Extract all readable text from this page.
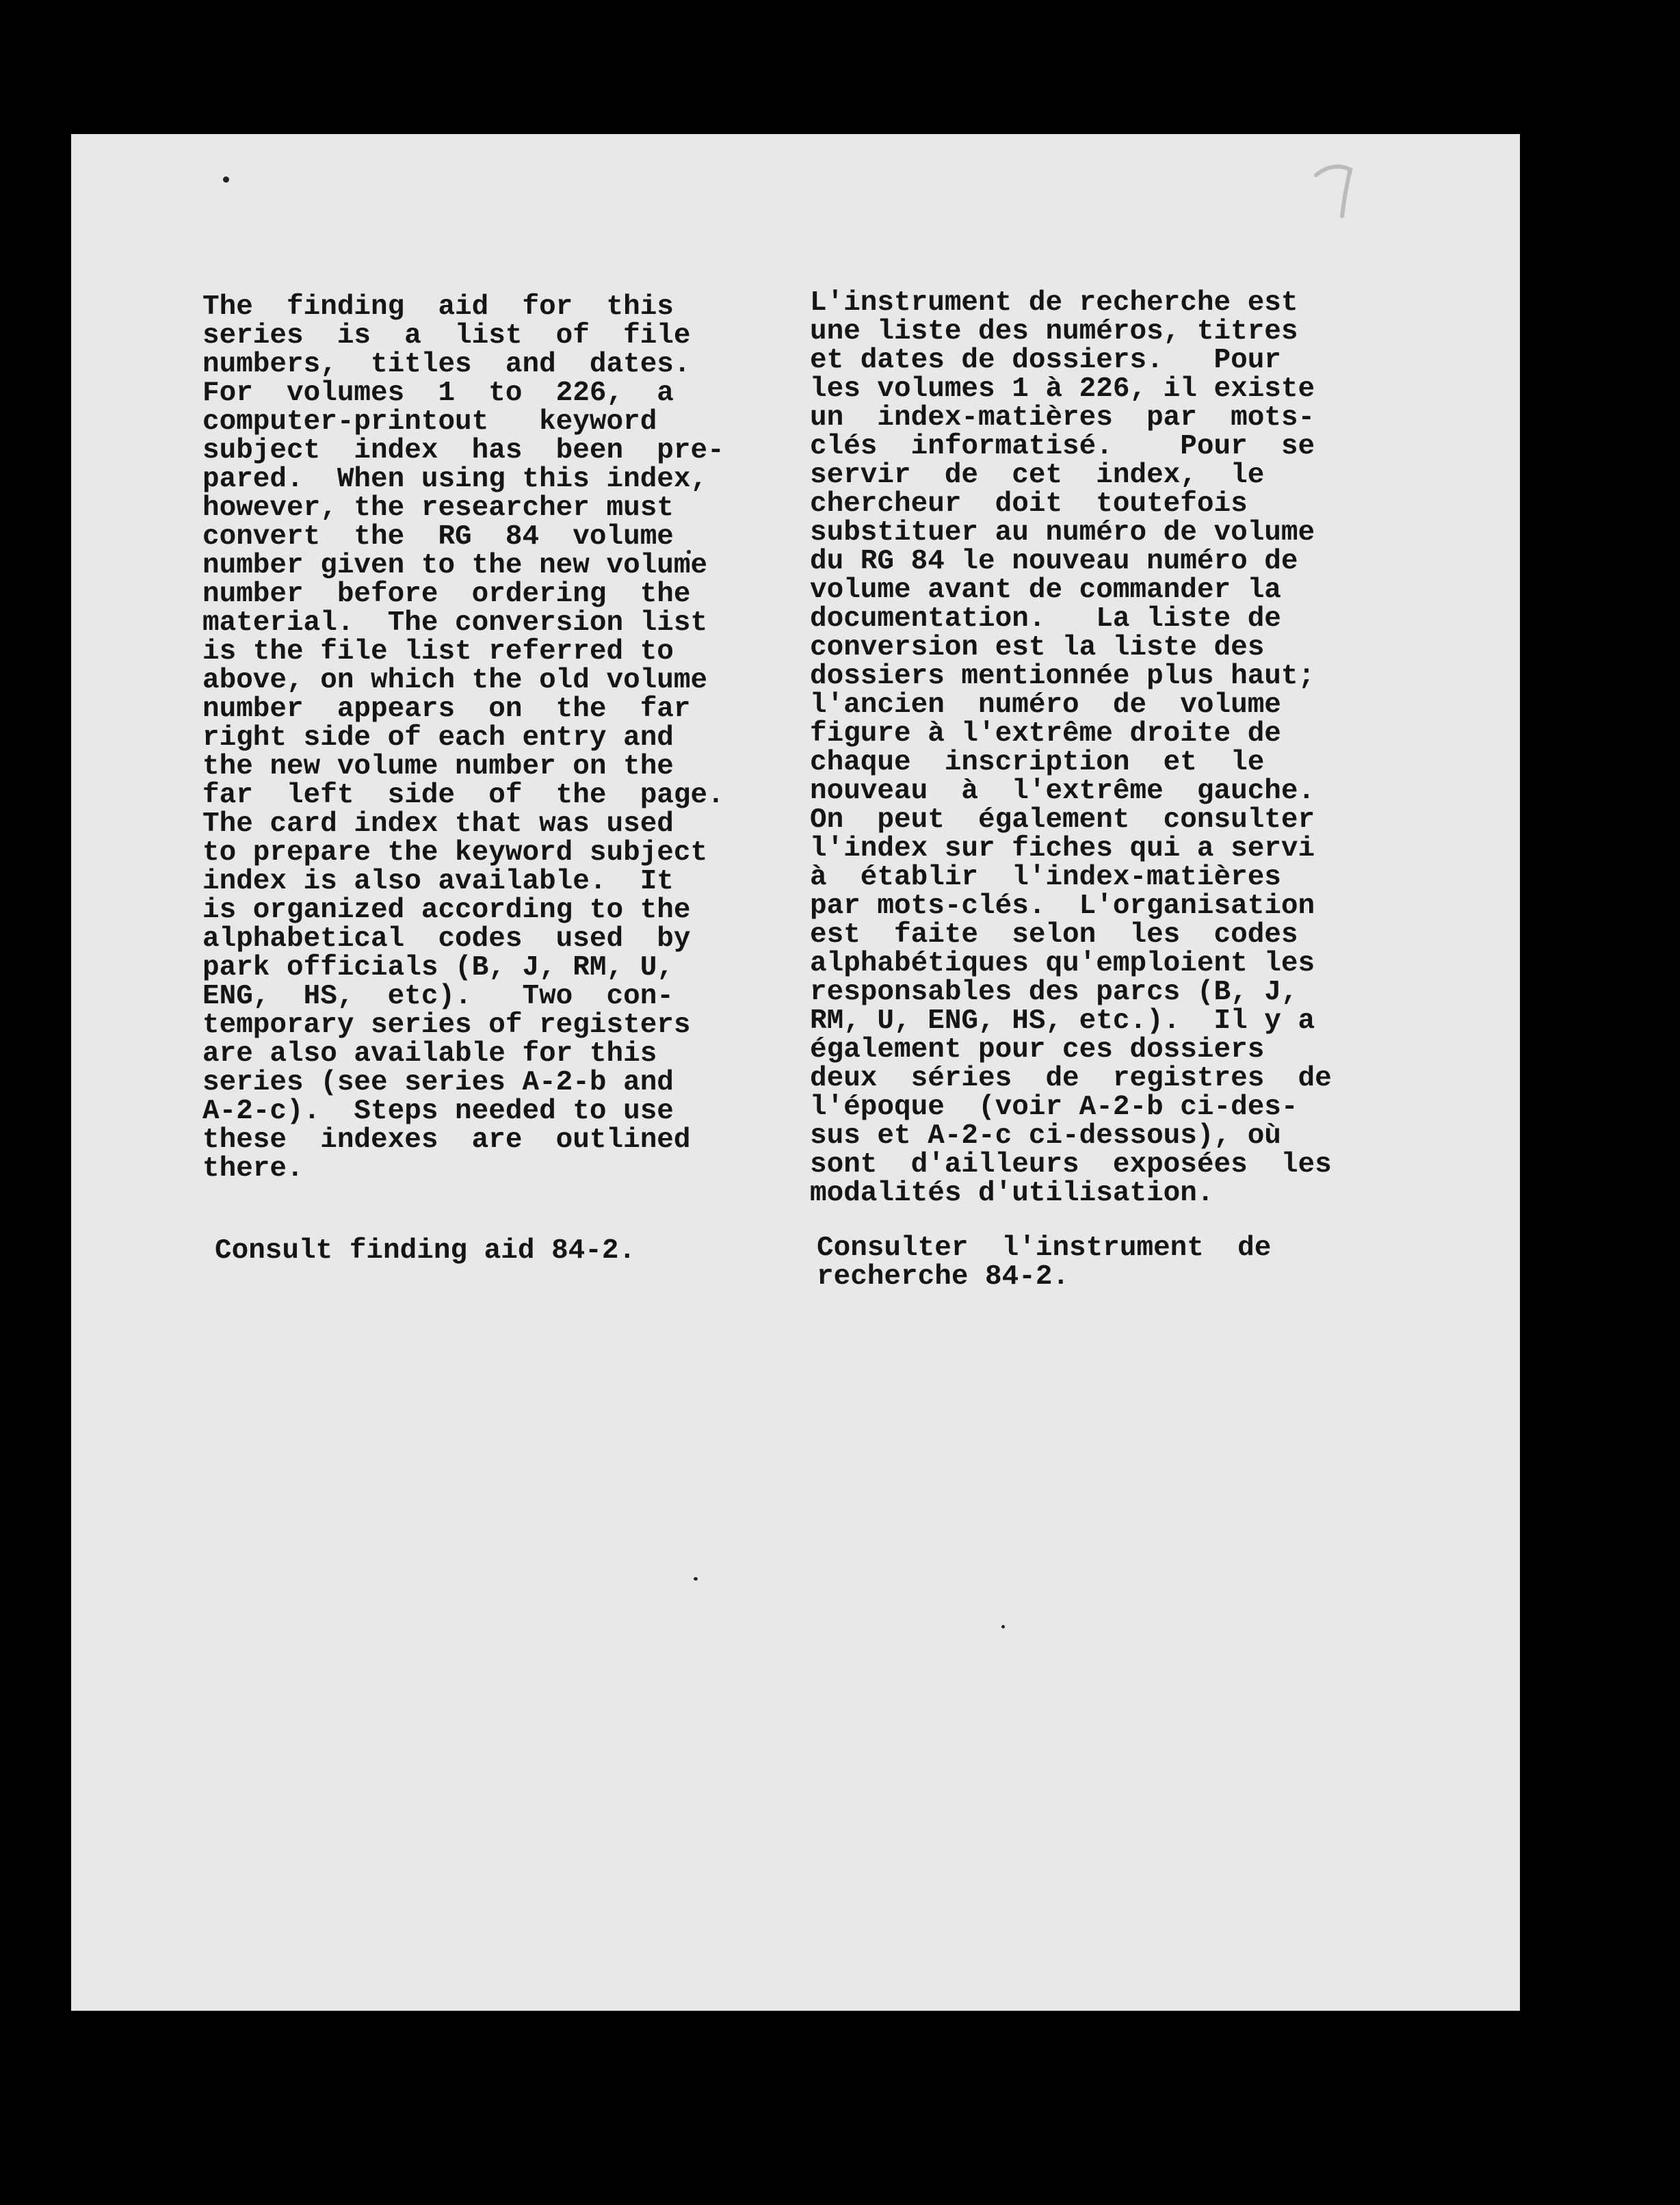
The  finding  aid  for  this
series  is  a  list  of  file
numbers,  titles  and  dates.
For  volumes  1  to  226,  a
computer-printout   keyword
subject  index  has  been  pre-
pared.  When using this index,
however, the researcher must
convert  the  RG  84  volume
number given to the new volume
number  before  ordering  the
material.  The conversion list
is the file list referred to
above, on which the old volume
number  appears  on  the  far
right side of each entry and
the new volume number on the
far  left  side  of  the  page.
The card index that was used
to prepare the keyword subject
index is also available.  It
is organized according to the
alphabetical  codes  used  by
park officials (B, J, RM, U,
ENG,  HS,  etc).   Two  con-
temporary series of registers
are also available for this
series (see series A-2-b and
A-2-c).  Steps needed to use
these  indexes  are  outlined
there.
L'instrument de recherche est
une liste des numéros, titres
et dates de dossiers.   Pour
les volumes 1 à 226, il existe
un  index-matières  par  mots-
clés  informatisé.    Pour  se
servir  de  cet  index,  le
chercheur  doit  toutefois
substituer au numéro de volume
du RG 84 le nouveau numéro de
volume avant de commander la
documentation.   La liste de
conversion est la liste des
dossiers mentionnée plus haut;
l'ancien  numéro  de  volume
figure à l'extrême droite de
chaque  inscription  et  le
nouveau  à  l'extrême  gauche.
On  peut  également  consulter
l'index sur fiches qui a servi
à  établir  l'index-matières
par mots-clés.  L'organisation
est  faite  selon  les  codes
alphabétiques qu'emploient les
responsables des parcs (B, J,
RM, U, ENG, HS, etc.).  Il y a
également pour ces dossiers
deux  séries  de  registres  de
l'époque  (voir A-2-b ci-des-
sus et A-2-c ci-dessous), où
sont  d'ailleurs  exposées  les
modalités d'utilisation.
Consult finding aid 84-2.	Consulter  l'instrument  de
recherche 84-2.
